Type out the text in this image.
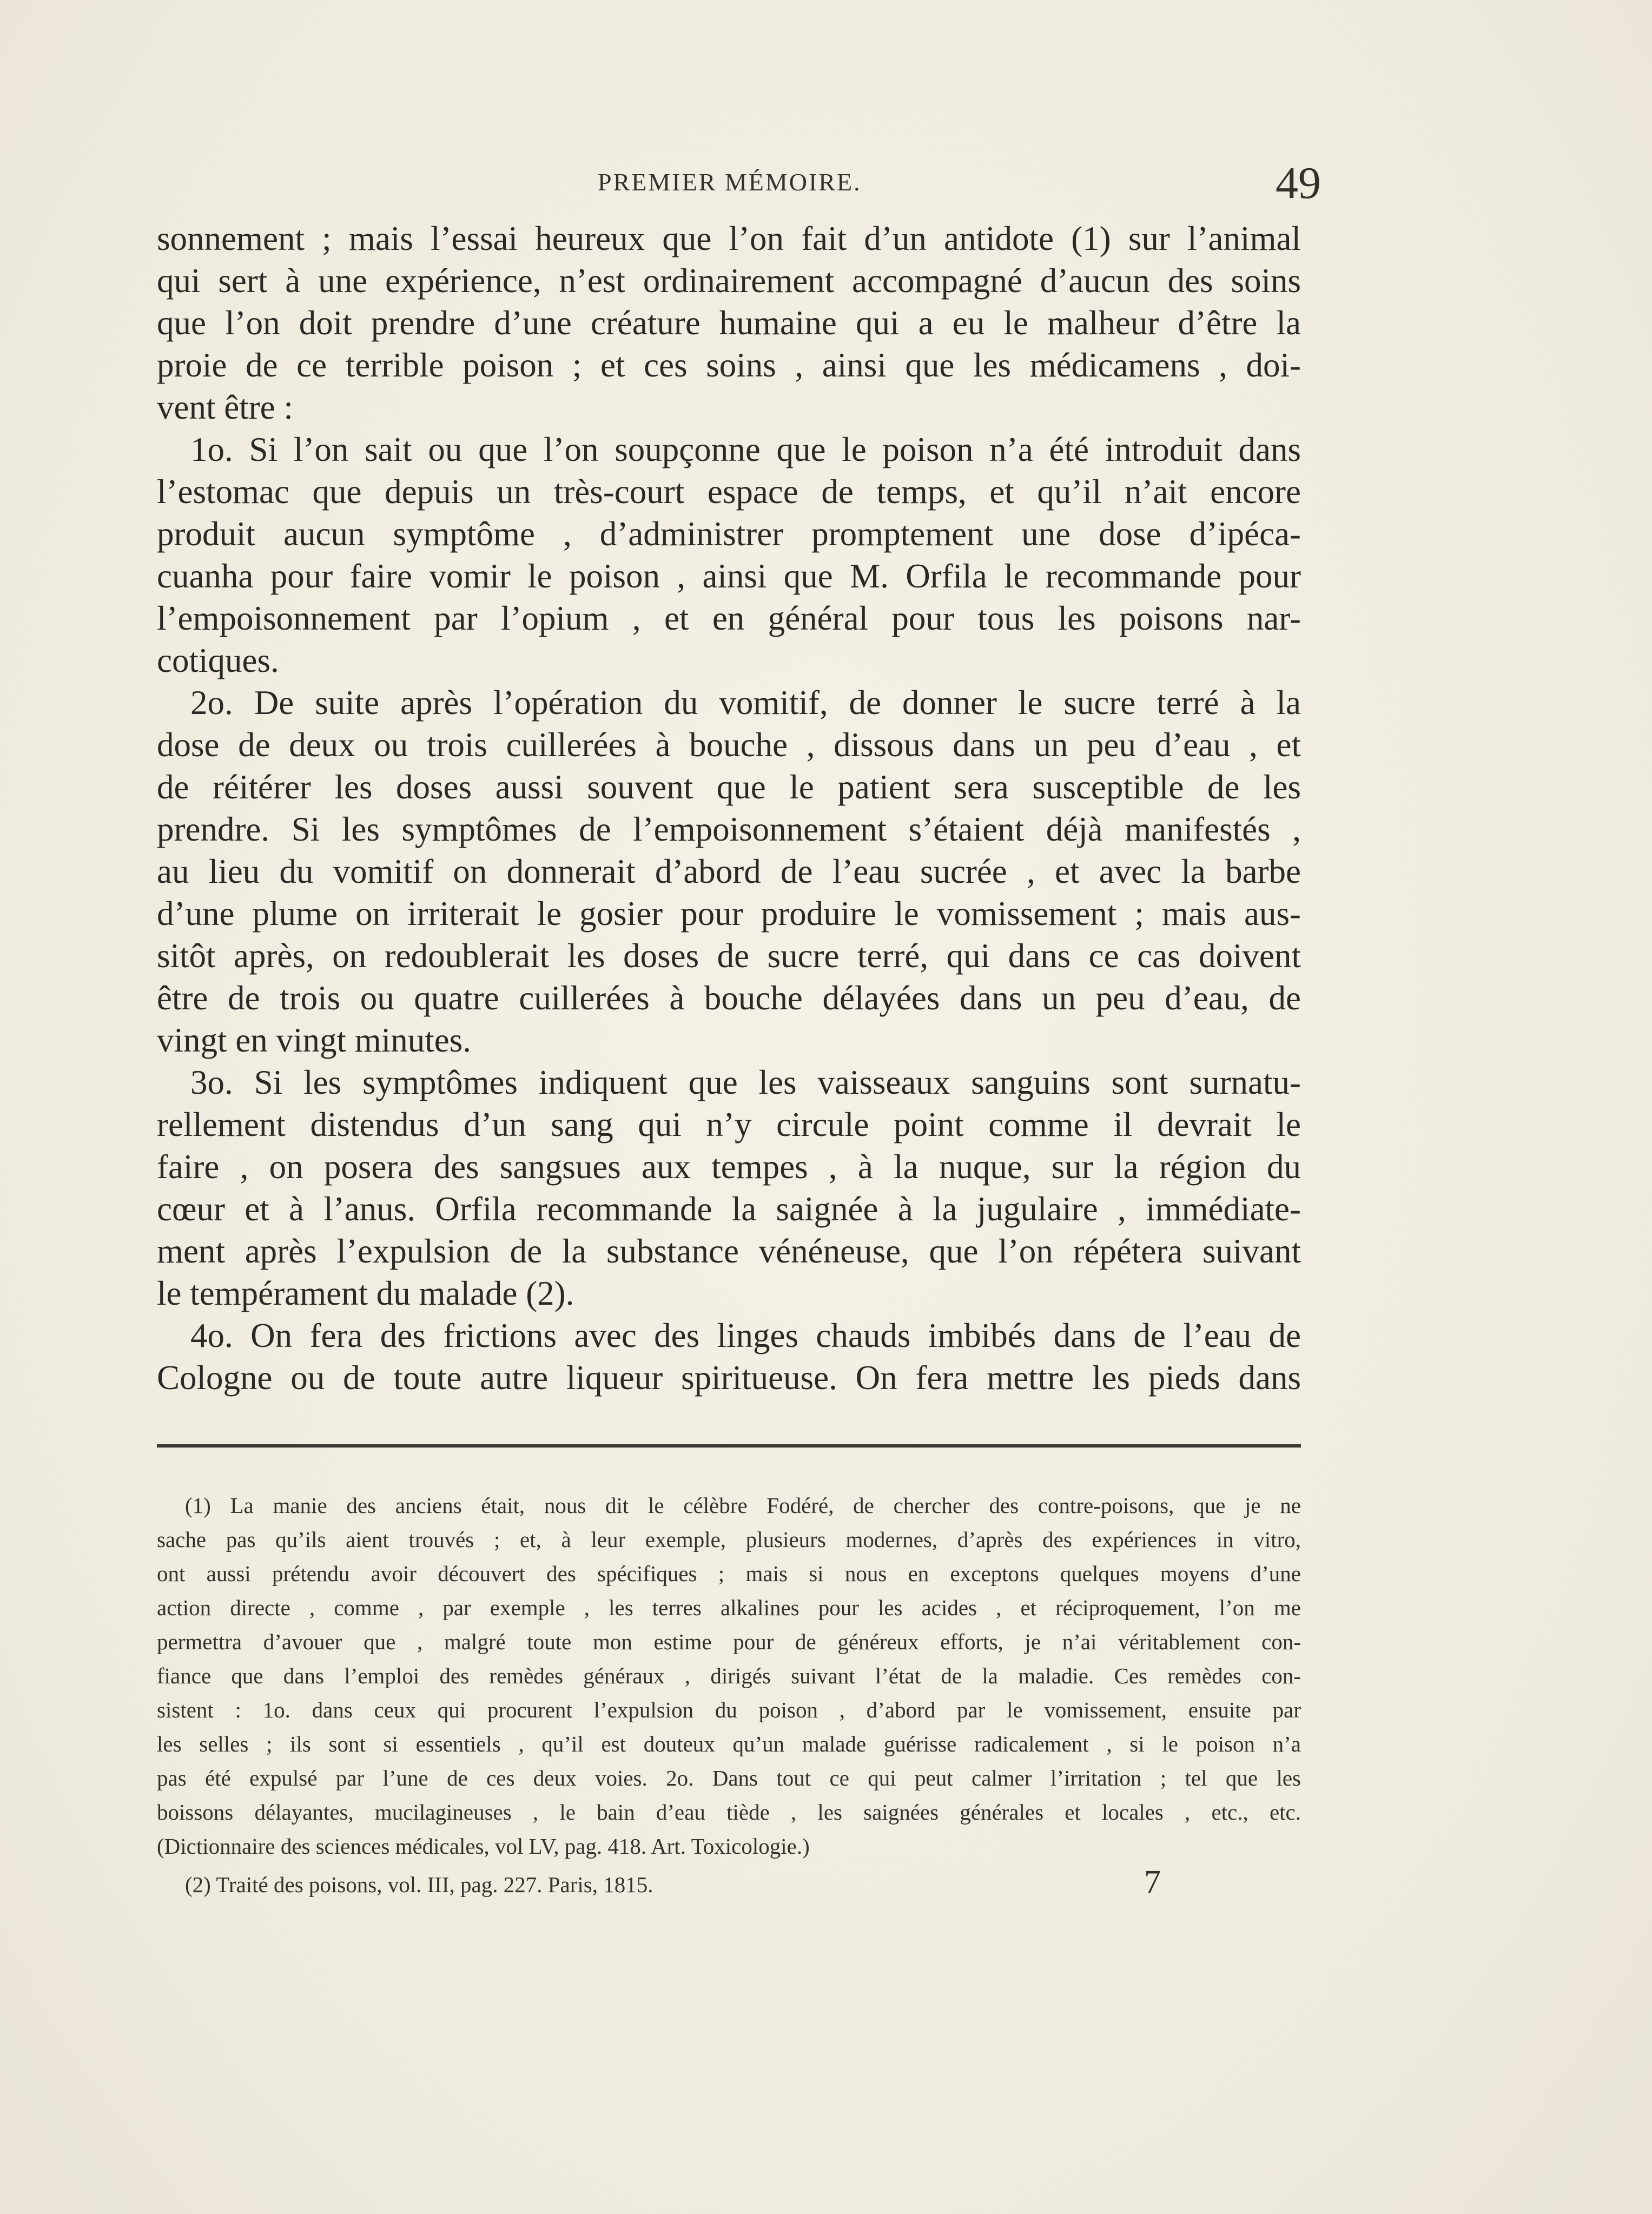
PREMIER MÉMOIRE.	49
sonnement ; mais l’essai heureux que l’on fait d’un antidote (1) sur l’animal
qui sert à une expérience, n’est ordinairement accompagné d’aucun des soins
que l’on doit prendre d’une créature humaine qui a eu le malheur d’être la
proie de ce terrible poison ; et ces soins , ainsi que les médicamens , doi-
vent être :
1o. Si l’on sait ou que l’on soupçonne que le poison n’a été introduit dans
l’estomac que depuis un très-court espace de temps, et qu’il n’ait encore
produit aucun symptôme , d’administrer promptement une dose d’ipéca-
cuanha pour faire vomir le poison , ainsi que M. Orfila le recommande pour
l’empoisonnement par l’opium , et en général pour tous les poisons nar-
cotiques.
2o. De suite après l’opération du vomitif, de donner le sucre terré à la
dose de deux ou trois cuillerées à bouche , dissous dans un peu d’eau , et
de réitérer les doses aussi souvent que le patient sera susceptible de les
prendre. Si les symptômes de l’empoisonnement s’étaient déjà manifestés ,
au lieu du vomitif on donnerait d’abord de l’eau sucrée , et avec la barbe
d’une plume on irriterait le gosier pour produire le vomissement ; mais aus-
sitôt après, on redoublerait les doses de sucre terré, qui dans ce cas doivent
être de trois ou quatre cuillerées à bouche délayées dans un peu d’eau, de
vingt en vingt minutes.
3o. Si les symptômes indiquent que les vaisseaux sanguins sont surnatu-
rellement distendus d’un sang qui n’y circule point comme il devrait le
faire , on posera des sangsues aux tempes , à la nuque, sur la région du
cœur et à l’anus. Orfila recommande la saignée à la jugulaire , immédiate-
ment après l’expulsion de la substance vénéneuse, que l’on répétera suivant
le tempérament du malade (2).
4o. On fera des frictions avec des linges chauds imbibés dans de l’eau de
Cologne ou de toute autre liqueur spiritueuse. On fera mettre les pieds dans
(1) La manie des anciens était, nous dit le célèbre Fodéré, de chercher des contre-poisons, que je ne
sache pas qu’ils aient trouvés ; et, à leur exemple, plusieurs modernes, d’après des expériences in vitro,
ont aussi prétendu avoir découvert des spécifiques ; mais si nous en exceptons quelques moyens d’une
action directe , comme , par exemple , les terres alkalines pour les acides , et réciproquement, l’on me
permettra d’avouer que , malgré toute mon estime pour de généreux efforts, je n’ai véritablement con-
fiance que dans l’emploi des remèdes généraux , dirigés suivant l’état de la maladie. Ces remèdes con-
sistent : 1o. dans ceux qui procurent l’expulsion du poison , d’abord par le vomissement, ensuite par
les selles ; ils sont si essentiels , qu’il est douteux qu’un malade guérisse radicalement , si le poison n’a
pas été expulsé par l’une de ces deux voies. 2o. Dans tout ce qui peut calmer l’irritation ; tel que les
boissons délayantes, mucilagineuses , le bain d’eau tiède , les saignées générales et locales , etc., etc.
(Dictionnaire des sciences médicales, vol LV, pag. 418. Art. Toxicologie.)
(2) Traité des poisons, vol. III, pag. 227. Paris, 1815.	7
